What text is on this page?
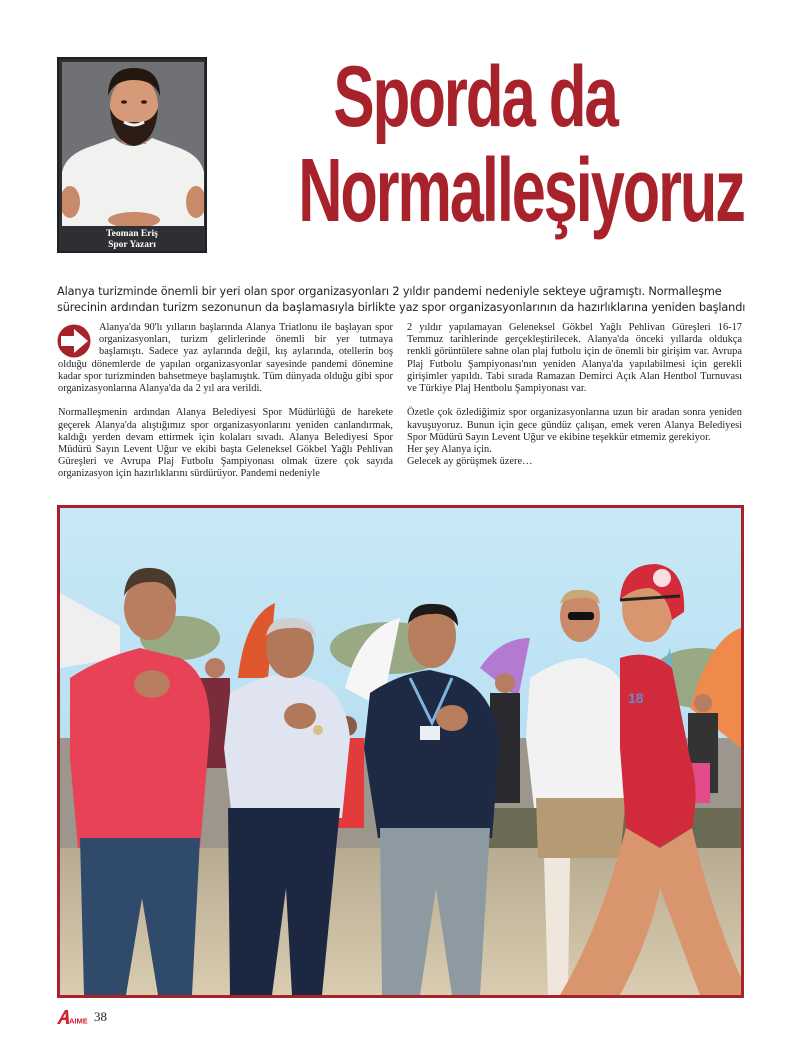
Teoman Eriş
Spor Yazarı
Sporda da
Normalleşiyoruz
Alanya turizminde önemli bir yeri olan spor organizasyonları 2 yıldır pandemi nedeniyle sekteye uğramıştı. Normalleşme
sürecinin ardından turizm sezonunun da başlamasıyla birlikte yaz spor organizasyonlarının da hazırlıklarına yeniden başlandı

Alanya'da 90'lı yılların başlarında Alanya Triatlonu ile başlayan spor organizasyonları, turizm gelirlerinde önemli bir yer tutmaya başlamıştı. Sadece yaz aylarında değil, kış aylarında, otellerin boş olduğu dönemlerde de yapılan organizasyonlar sayesinde pandemi dönemine kadar spor turizminden bahsetmeye başlamıştık. Tüm dünyada olduğu gibi spor organizasyonlarına Alanya'da da 2 yıl ara verildi.

Normalleşmenin ardından Alanya Belediyesi Spor Müdürlüğü de harekete geçerek Alanya'da alıştığımız spor organizasyonlarını yeniden canlandırmak, kaldığı yerden devam ettirmek için kolaları sıvadı. Alanya Belediyesi Spor Müdürü Sayın Levent Uğur ve ekibi başta Geleneksel Gökbel Yağlı Pehlivan Güreşleri ve Avrupa Plaj Futbolu Şampiyonası olmak üzere çok sayıda organizasyon için hazırlıklarını sürdürüyor. Pandemi nedeniyle

2 yıldır yapılamayan Geleneksel Gökbel Yağlı Pehlivan Güreşleri 16-17 Temmuz tarihlerinde gerçekleştirilecek. Alanya'da önceki yıllarda oldukça renkli görüntülere sahne olan plaj futbolu için de önemli bir girişim var. Avrupa Plaj Futbolu Şampiyonası'nın yeniden Alanya'da yapılabilmesi için gerekli girişimler yapıldı. Tabi sırada Ramazan Demirci Açık Alan Hentbol Turnuvası ve Türkiye Plaj Hentbolu Şampiyonası var.

Özetle çok özlediğimiz spor organizasyonlarına uzun bir aradan sonra yeniden kavuşuyoruz. Bunun için gece gündüz çalışan, emek veren Alanya Belediyesi Spor Müdürü Sayın Levent Uğur ve ekibine teşekkür etmemiz gerekiyor.

Her şey Alanya için.

Gelecek ay görüşmek üzere…

18
AIME 38
